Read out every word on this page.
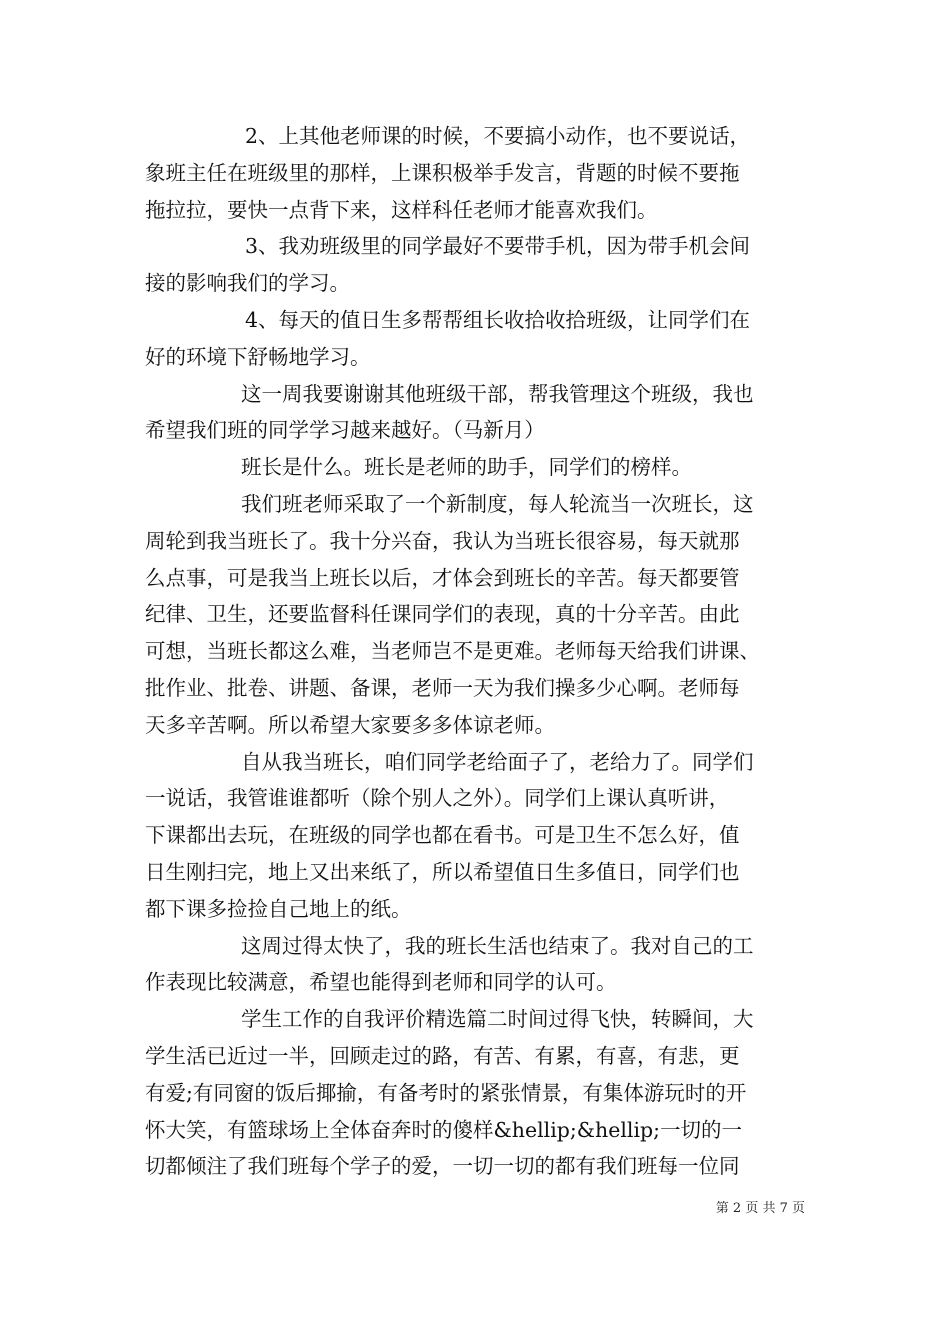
2、上其他老师课的时候，不要搞小动作，也不要说话，
象班主任在班级里的那样，上课积极举手发言，背题的时候不要拖
拖拉拉，要快一点背下来，这样科任老师才能喜欢我们。
3、我劝班级里的同学最好不要带手机，因为带手机会间
接的影响我们的学习。
4、每天的值日生多帮帮组长收拾收拾班级，让同学们在
好的环境下舒畅地学习。
这一周我要谢谢其他班级干部，帮我管理这个班级，我也
希望我们班的同学学习越来越好。（马新月）
班长是什么。班长是老师的助手，同学们的榜样。
我们班老师采取了一个新制度，每人轮流当一次班长，这
周轮到我当班长了。我十分兴奋，我认为当班长很容易，每天就那
么点事，可是我当上班长以后，才体会到班长的辛苦。每天都要管
纪律、卫生，还要监督科任课同学们的表现，真的十分辛苦。由此
可想，当班长都这么难，当老师岂不是更难。老师每天给我们讲课、
批作业、批卷、讲题、备课，老师一天为我们操多少心啊。老师每
天多辛苦啊。所以希望大家要多多体谅老师。
自从我当班长，咱们同学老给面子了，老给力了。同学们
一说话，我管谁谁都听（除个别人之外）。同学们上课认真听讲，
下课都出去玩，在班级的同学也都在看书。可是卫生不怎么好，值
日生刚扫完，地上又出来纸了，所以希望值日生多值日，同学们也
都下课多捡捡自己地上的纸。
这周过得太快了，我的班长生活也结束了。我对自己的工
作表现比较满意，希望也能得到老师和同学的认可。
学生工作的自我评价精选篇二时间过得飞快，转瞬间，大
学生活已近过一半，回顾走过的路，有苦、有累，有喜，有悲，更
有爱;有同窗的饭后揶揄，有备考时的紧张情景，有集体游玩时的开
怀大笑，有篮球场上全体奋奔时的傻样&hellip;&hellip;一切的一
切都倾注了我们班每个学子的爱，一切一切的都有我们班每一位同
第 2 页 共 7 页
